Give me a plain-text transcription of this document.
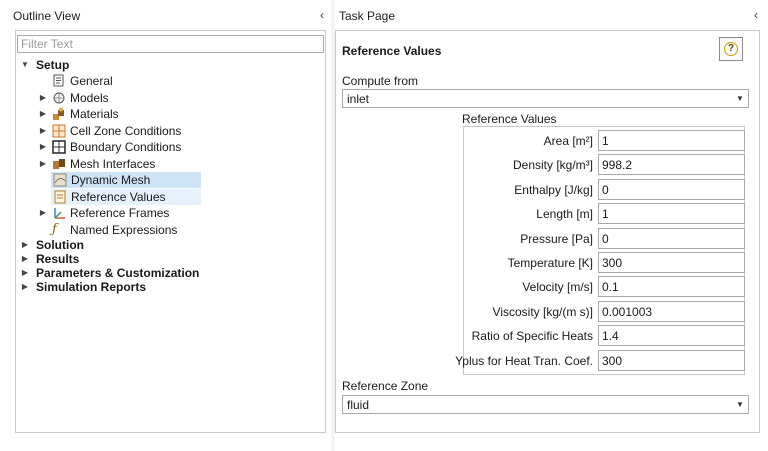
Outline View	‹
Filter Text
▼ Setup
General
▶ Models
▶ Materials
▶ Cell Zone Conditions
▶ Boundary Conditions
▶ Mesh Interfaces
Dynamic Mesh
Reference Values
▶ Reference Frames
ƒ	Named Expressions
▶ Solution
▶ Results
▶ Parameters & Customization
▶ Simulation Reports
Task Page	‹
Reference Values	?
Compute from
inlet	▼
Reference Values
Area [m²] 1
Density [kg/m³] 998.2
Enthalpy [J/kg] 0
Length [m] 1
Pressure [Pa] 0
Temperature [K] 300
Velocity [m/s] 0.1
Viscosity [kg/(m s)] 0.001003
Ratio of Specific Heats 1.4
Yplus for Heat Tran. Coef. 300
Reference Zone
fluid	▼
